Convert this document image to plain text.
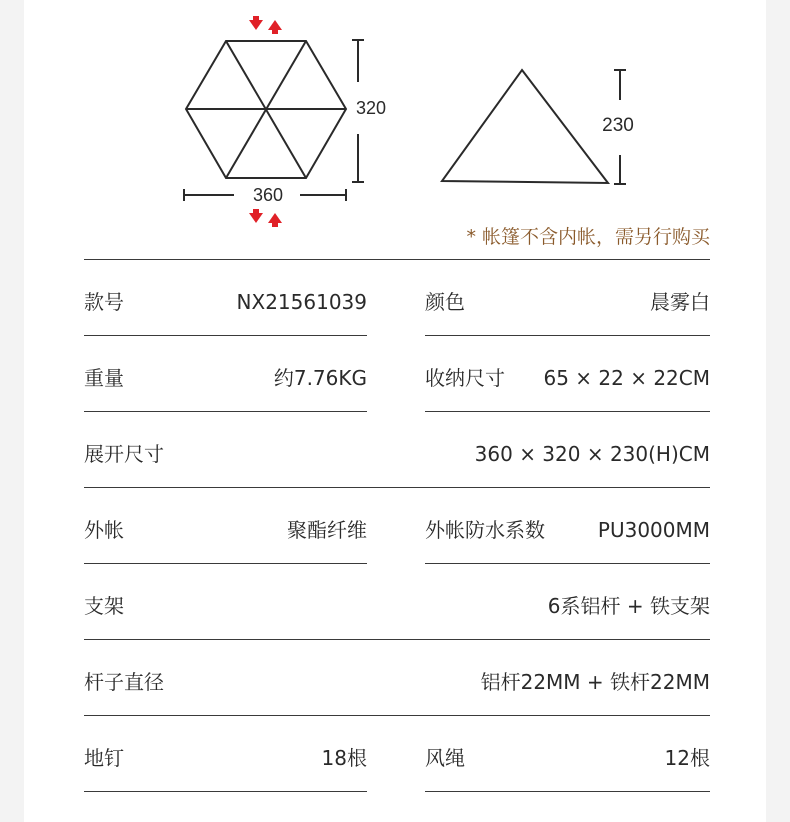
320
360
230
* 帐篷不含内帐，需另行购买
款号	NX21561039	颜色	晨雾白
重量	约7.76KG	收纳尺寸 65 × 22 × 22CM
展开尺寸	360 × 320 × 230(H)CM
外帐	聚酯纤维	外帐防水系数	PU3000MM
支架	6系铝杆 + 铁支架
杆子直径	铝杆22MM + 铁杆22MM
地钉	18根	风绳	12根
